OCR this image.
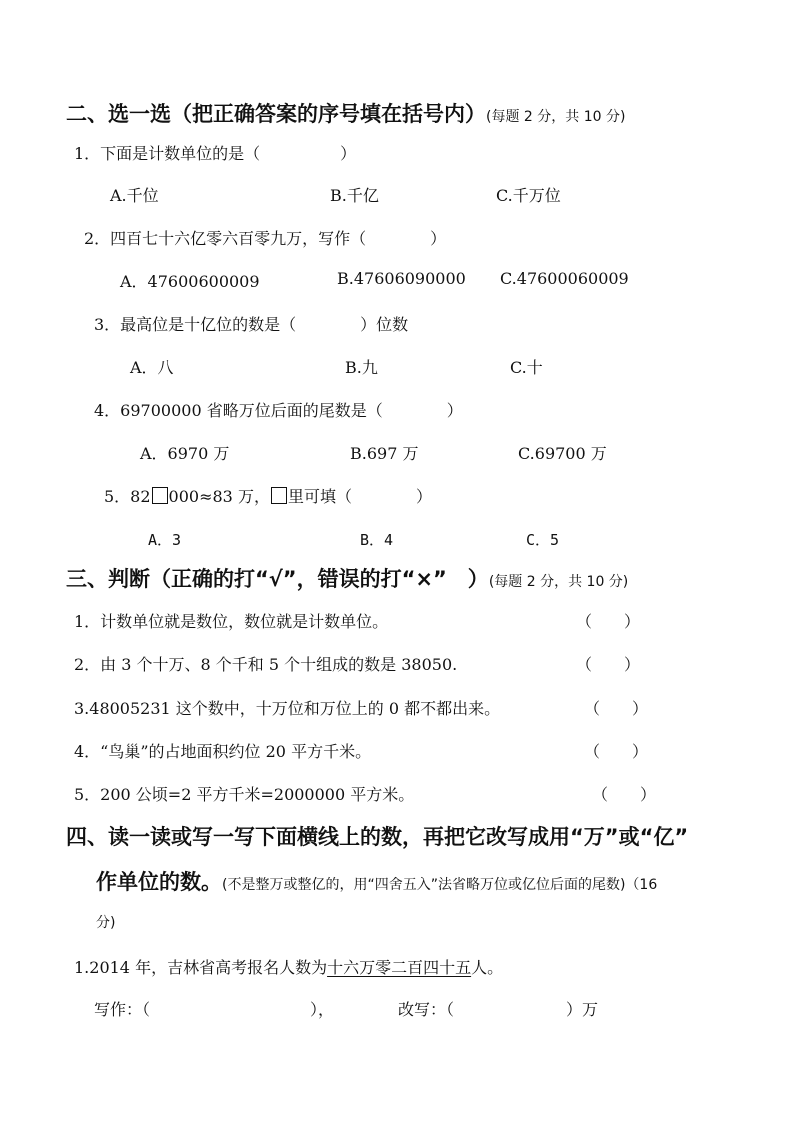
二、选一选（把正确答案的序号填在括号内）(每题 2 分，共 10 分)
1．下面是计数单位的是（　　　　　）
A.千位	B.千亿	C.千万位
2．四百七十六亿零六百零九万，写作（　　　　）
A．47600600009	B.47606090000 C.47600060009
3．最高位是十亿位的数是（　　　　）位数
A．八	B.九	C.十
4．69700000 省略万位后面的尾数是（　　　　）
A．6970 万	B.697 万	C.69700 万
5．82 000≈83 万， 里可填（　　　　）
A．3	B．4	C．5
三、判断（正确的打“√”，错误的打“×”　）(每题 2 分，共 10 分)
1．计数单位就是数位，数位就是计数单位。	（　　）
2．由 3 个十万、8 个千和 5 个十组成的数是 38050.	（　　）
3.48005231 这个数中，十万位和万位上的 0 都不都出来。	（　　）
4．“鸟巢”的占地面积约位 20 平方千米。	（　　）
5．200 公顷=2 平方千米=2000000 平方米。	（　　）
四、读一读或写一写下面横线上的数，再把它改写成用“万”或“亿”
作单位的数。(不是整万或整亿的，用“四舍五入”法省略万位或亿位后面的尾数)（16
分)
1.2014 年，吉林省高考报名人数为十六万零二百四十五人。
写作：（　　　　　　　　　　），	改写：（　　　　　　　）万
